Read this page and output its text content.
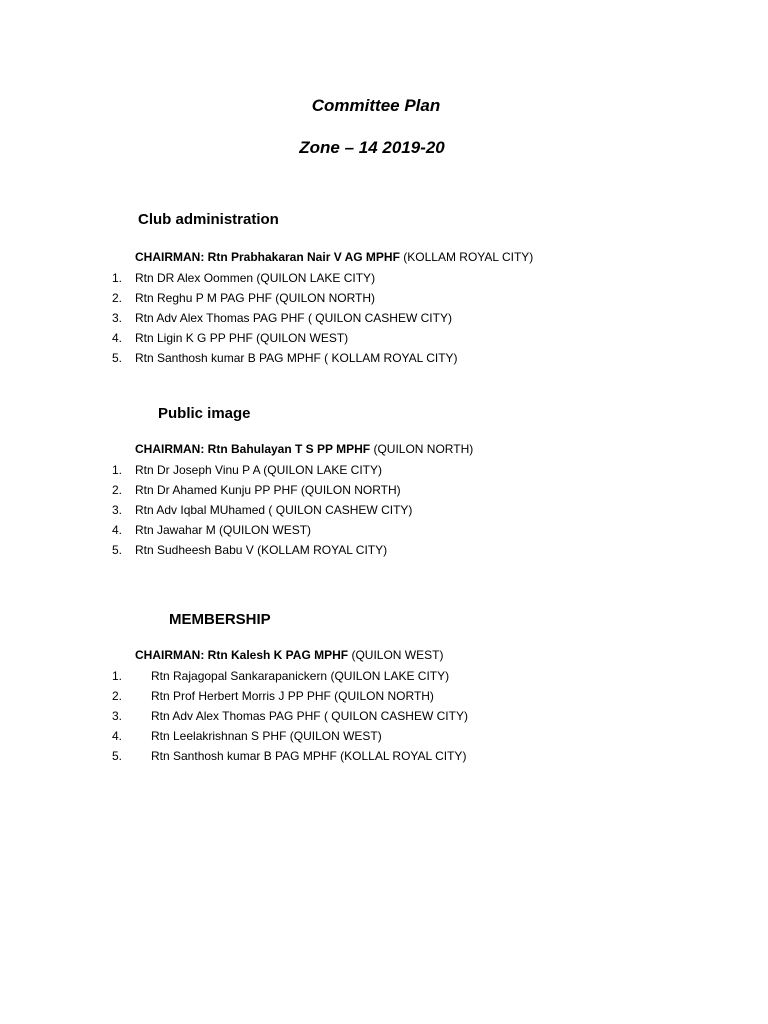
Committee Plan
Zone – 14 2019-20
Club administration
CHAIRMAN: Rtn Prabhakaran Nair V AG MPHF (KOLLAM ROYAL CITY)
1. Rtn DR Alex Oommen (QUILON LAKE CITY)
2. Rtn Reghu P M PAG PHF (QUILON NORTH)
3. Rtn Adv Alex Thomas PAG PHF ( QUILON CASHEW CITY)
4. Rtn Ligin K G PP PHF (QUILON WEST)
5. Rtn Santhosh kumar B PAG MPHF ( KOLLAM ROYAL CITY)
Public image
CHAIRMAN: Rtn Bahulayan T S PP MPHF (QUILON NORTH)
1. Rtn Dr Joseph Vinu P A (QUILON LAKE CITY)
2. Rtn Dr Ahamed Kunju PP PHF (QUILON NORTH)
3. Rtn Adv Iqbal MUhamed ( QUILON CASHEW CITY)
4. Rtn Jawahar M (QUILON WEST)
5. Rtn Sudheesh Babu V (KOLLAM ROYAL CITY)
MEMBERSHIP
CHAIRMAN: Rtn Kalesh K PAG MPHF (QUILON WEST)
1. Rtn Rajagopal Sankarapanickern (QUILON LAKE CITY)
2. Rtn Prof Herbert Morris J PP PHF (QUILON NORTH)
3. Rtn Adv Alex Thomas PAG PHF ( QUILON CASHEW CITY)
4. Rtn Leelakrishnan S PHF (QUILON WEST)
5. Rtn Santhosh kumar B PAG MPHF (KOLLAL ROYAL CITY)
